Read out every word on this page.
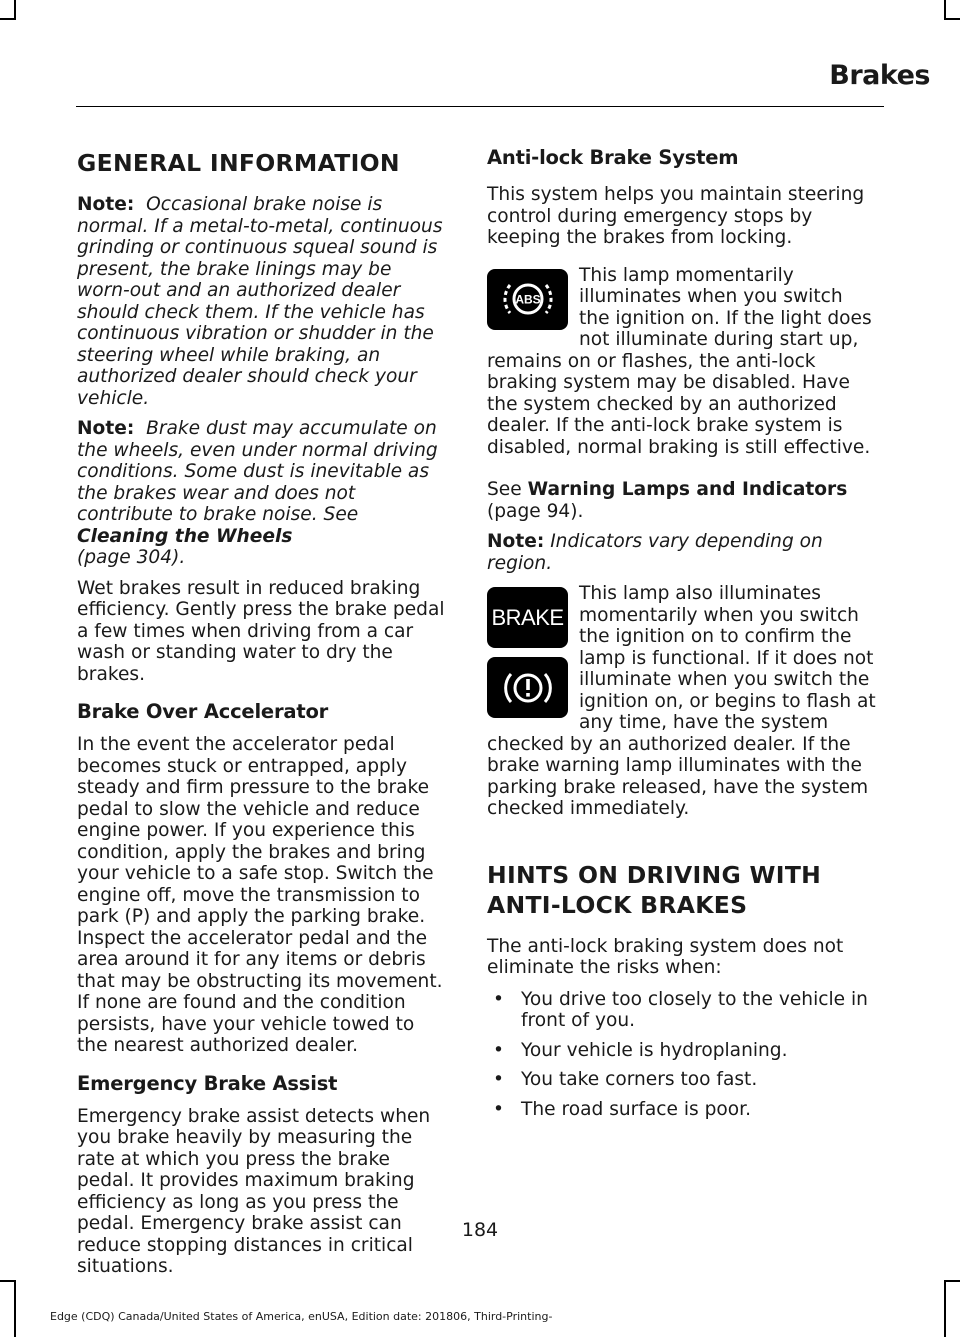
Brakes
GENERAL INFORMATION

Note: Occasional brake noise is normal. If a metal-to-metal, continuous grinding or continuous squeal sound is present, the brake linings may be worn-out and an authorized dealer should check them. If the vehicle has continuous vibration or shudder in the steering wheel while braking, an authorized dealer should check your vehicle.

Note: Brake dust may accumulate on the wheels, even under normal driving conditions. Some dust is inevitable as the brakes wear and does not contribute to brake noise. See Cleaning the Wheels
(page 304).

Wet brakes result in reduced braking efficiency. Gently press the brake pedal a few times when driving from a car wash or standing water to dry the brakes.

Brake Over Accelerator

In the event the accelerator pedal becomes stuck or entrapped, apply steady and firm pressure to the brake pedal to slow the vehicle and reduce engine power. If you experience this condition, apply the brakes and bring your vehicle to a safe stop. Switch the engine off, move the transmission to park (P) and apply the parking brake. Inspect the accelerator pedal and the area around it for any items or debris that may be obstructing its movement. If none are found and the condition persists, have your vehicle towed to the nearest authorized dealer.

Emergency Brake Assist

Emergency brake assist detects when you brake heavily by measuring the rate at which you press the brake pedal. It provides maximum braking efficiency as long as you press the pedal. Emergency brake assist can reduce stopping distances in critical situations.

Anti-lock Brake System

This system helps you maintain steering control during emergency stops by keeping the brakes from locking.

ABS

This lamp momentarily illuminates when you switch the ignition on. If the light does not illuminate during start up, remains on or flashes, the anti-lock braking system may be disabled. Have the system checked by an authorized dealer. If the anti-lock brake system is disabled, normal braking is still effective.

See Warning Lamps and Indicators
(page 94).

Note: Indicators vary depending on region.

BRAKE

This lamp also illuminates momentarily when you switch the ignition on to confirm the lamp is functional. If it does not illuminate when you switch the ignition on, or begins to flash at any time, have the system checked by an authorized dealer. If the brake warning lamp illuminates with the parking brake released, have the system checked immediately.

HINTS ON DRIVING WITH
ANTI-LOCK BRAKES

The anti-lock braking system does not eliminate the risks when:

• You drive too closely to the vehicle in front of you.
• Your vehicle is hydroplaning.
• You take corners too fast.
• The road surface is poor.
184
Edge (CDQ) Canada/United States of America, enUSA, Edition date: 201806, Third-Printing-
